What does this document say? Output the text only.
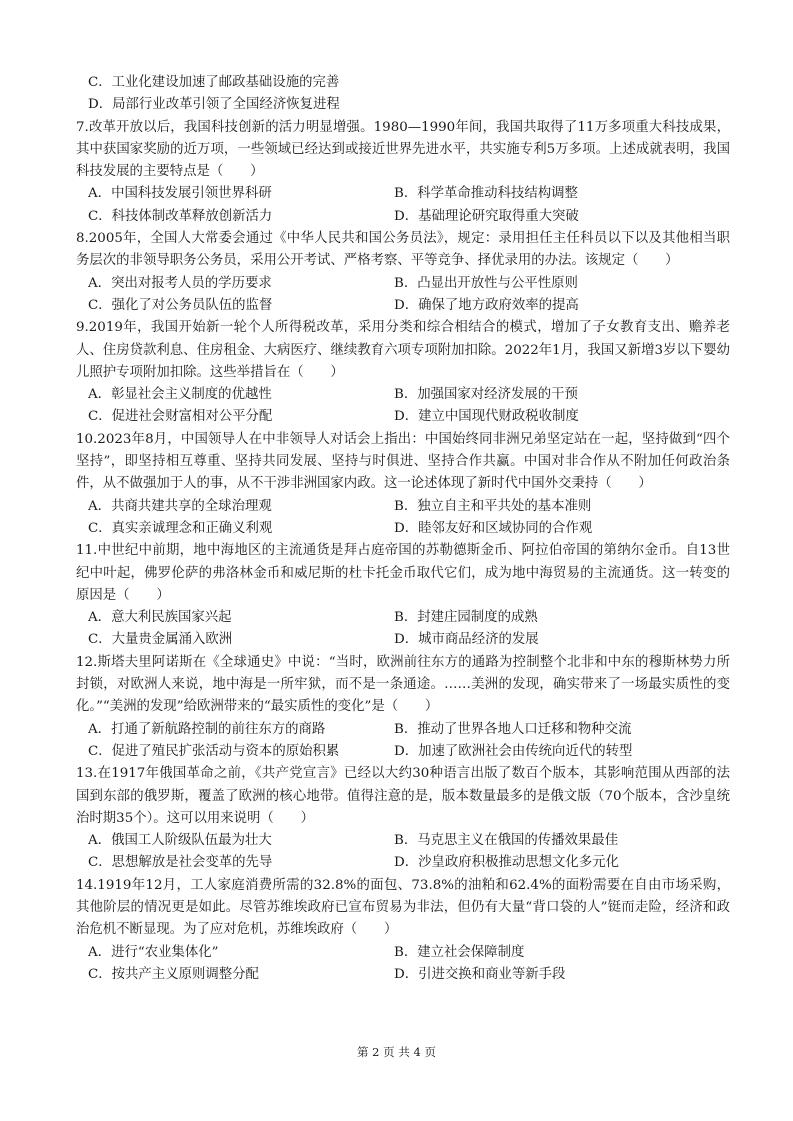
C．工业化建设加速了邮政基础设施的完善
D．局部行业改革引领了全国经济恢复进程
7.改革开放以后，我国科技创新的活力明显增强。1980—1990年间，我国共取得了11万多项重大科技成果，其中获国家奖励的近万项，一些领域已经达到或接近世界先进水平，共实施专利5万多项。上述成就表明，我国科技发展的主要特点是（　　）
A．中国科技发展引领世界科研	B．科学革命推动科技结构调整
C．科技体制改革释放创新活力	D．基础理论研究取得重大突破
8.2005年，全国人大常委会通过《中华人民共和国公务员法》，规定：录用担任主任科员以下以及其他相当职务层次的非领导职务公务员，采用公开考试、严格考察、平等竞争、择优录用的办法。该规定（　　）
A．突出对报考人员的学历要求	B．凸显出开放性与公平性原则
C．强化了对公务员队伍的监督	D．确保了地方政府效率的提高
9.2019年，我国开始新一轮个人所得税改革，采用分类和综合相结合的模式，增加了子女教育支出、赡养老人、住房贷款利息、住房租金、大病医疗、继续教育六项专项附加扣除。2022年1月，我国又新增3岁以下婴幼儿照护专项附加扣除。这些举措旨在（　　）
A．彰显社会主义制度的优越性	B．加强国家对经济发展的干预
C．促进社会财富相对公平分配	D．建立中国现代财政税收制度
10.2023年8月，中国领导人在中非领导人对话会上指出：中国始终同非洲兄弟坚定站在一起，坚持做到“四个坚持”，即坚持相互尊重、坚持共同发展、坚持与时俱进、坚持合作共赢。中国对非合作从不附加任何政治条件，从不做强加于人的事，从不干涉非洲国家内政。这一论述体现了新时代中国外交秉持（　　）
A．共商共建共享的全球治理观	B．独立自主和平共处的基本准则
C．真实亲诚理念和正确义利观	D．睦邻友好和区域协同的合作观
11.中世纪中前期，地中海地区的主流通货是拜占庭帝国的苏勒德斯金币、阿拉伯帝国的第纳尔金币。自13世纪中叶起，佛罗伦萨的弗洛林金币和威尼斯的杜卡托金币取代它们，成为地中海贸易的主流通货。这一转变的原因是（　　）
A．意大利民族国家兴起	B．封建庄园制度的成熟
C．大量贵金属涌入欧洲	D．城市商品经济的发展
12.斯塔夫里阿诺斯在《全球通史》中说：“当时，欧洲前往东方的通路为控制整个北非和中东的穆斯林势力所封锁，对欧洲人来说，地中海是一所牢狱，而不是一条通途。……美洲的发现，确实带来了一场最实质性的变化。”“美洲的发现”给欧洲带来的“最实质性的变化”是（　　）
A．打通了新航路控制的前往东方的商路	B．推动了世界各地人口迁移和物种交流
C．促进了殖民扩张活动与资本的原始积累	D．加速了欧洲社会由传统向近代的转型
13.在1917年俄国革命之前，《共产党宣言》已经以大约30种语言出版了数百个版本，其影响范围从西部的法国到东部的俄罗斯，覆盖了欧洲的核心地带。值得注意的是，版本数量最多的是俄文版（70个版本，含沙皇统治时期35个）。这可以用来说明（　　）
A．俄国工人阶级队伍最为壮大	B．马克思主义在俄国的传播效果最佳
C．思想解放是社会变革的先导	D．沙皇政府积极推动思想文化多元化
14.1919年12月，工人家庭消费所需的32.8%的面包、73.8%的油粕和62.4%的面粉需要在自由市场采购，其他阶层的情况更是如此。尽管苏维埃政府已宣布贸易为非法，但仍有大量“背口袋的人”铤而走险，经济和政治危机不断显现。为了应对危机，苏维埃政府（　　）
A．进行“农业集体化”	B．建立社会保障制度
C．按共产主义原则调整分配	D．引进交换和商业等新手段
第 2 页 共 4 页
